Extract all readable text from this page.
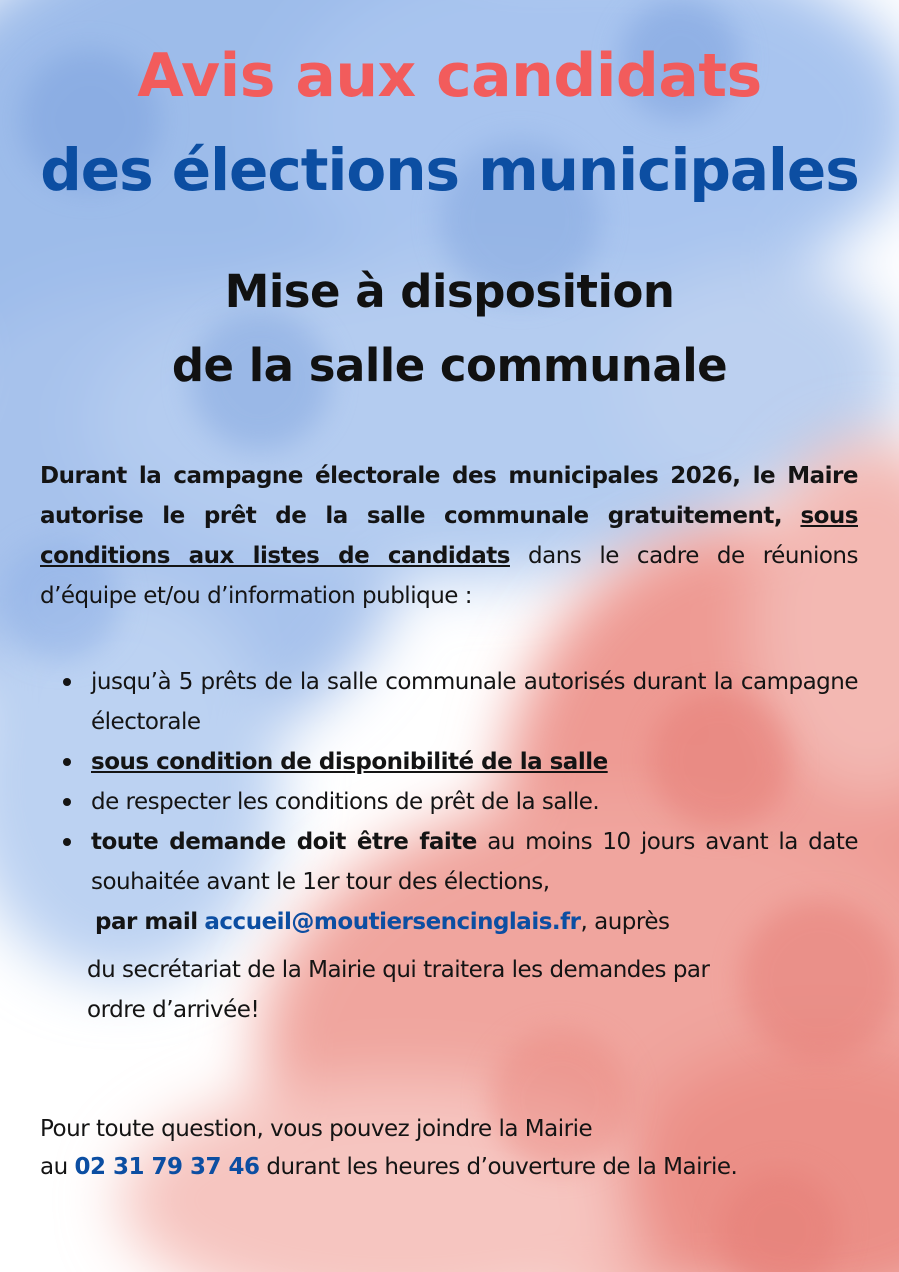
Avis aux candidats
des élections municipales
Mise à disposition
de la salle communale
Durant la campagne électorale des municipales 2026, le Maire autorise le prêt de la salle communale gratuitement, sous conditions aux listes de candidats dans le cadre de réunions d’équipe et/ou d’information publique :
jusqu’à 5 prêts de la salle communale autorisés durant la campagne électorale
sous condition de disponibilité de la salle
de respecter les conditions de prêt de la salle.
toute demande doit être faite au moins 10 jours avant la date souhaitée avant le 1er tour des élections,
par mail accueil@moutiersencinglais.fr, auprès
du secrétariat de la Mairie qui traitera les demandes par
ordre d’arrivée!
Pour toute question, vous pouvez joindre la Mairie
au 02 31 79 37 46 durant les heures d’ouverture de la Mairie.
